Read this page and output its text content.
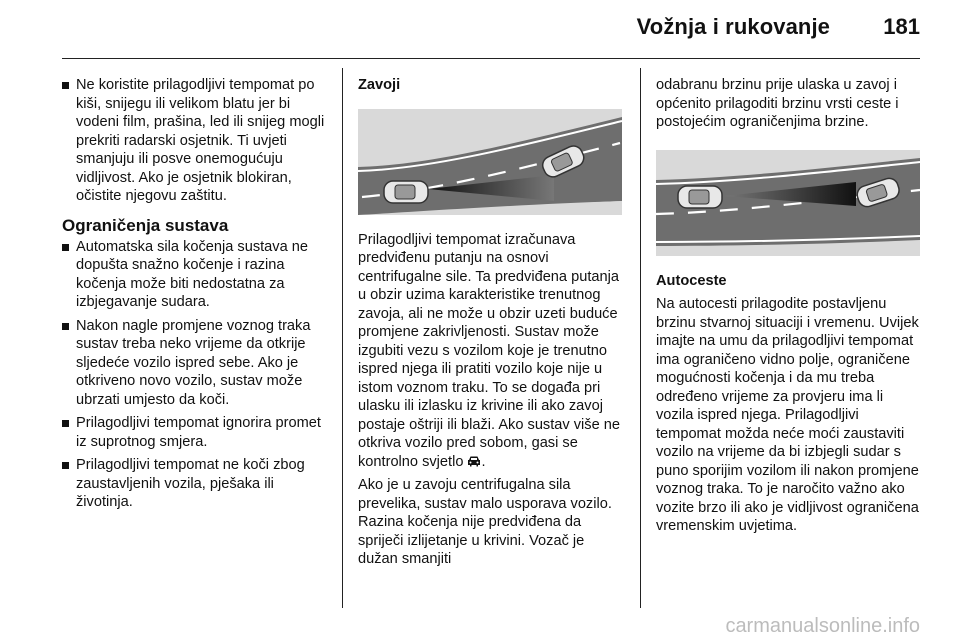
Vožnja i rukovanje 181
Ne koristite prilagodljivi tempomat po kiši, snijegu ili velikom blatu jer bi vodeni film, prašina, led ili snijeg mogli prekriti radarski osjetnik. Ti uvjeti smanjuju ili posve onemogućuju vidljivost. Ako je osjetnik blokiran, očistite njegovu zaštitu.
Ograničenja sustava
Automatska sila kočenja sustava ne dopušta snažno kočenje i razina kočenja može biti nedostatna za izbjegavanje sudara.
Nakon nagle promjene voznog traka sustav treba neko vrijeme da otkrije sljedeće vozilo ispred sebe. Ako je otkriveno novo vozilo, sustav može ubrzati umjesto da koči.
Prilagodljivi tempomat ignorira promet iz suprotnog smjera.
Prilagodljivi tempomat ne koči zbog zaustavljenih vozila, pješaka ili životinja.

Zavoji

Prilagodljivi tempomat izračunava predviđenu putanju na osnovi centrifugalne sile. Ta predviđena putanja u obzir uzima karakteristike trenutnog zavoja, ali ne može u obzir uzeti buduće promjene zakrivljenosti. Sustav može izgubiti vezu s vozilom koje je trenutno ispred njega ili pratiti vozilo koje nije u istom voznom traku. To se događa pri ulasku ili izlasku iz krivine ili ako zavoj postaje oštriji ili blaži. Ako sustav više ne otkriva vozilo pred sobom, gasi se kontrolno svjetlo .

Ako je u zavoju centrifugalna sila prevelika, sustav malo usporava vozilo. Razina kočenja nije predviđena da spriječi izlijetanje u krivini. Vozač je dužan smanjiti

odabranu brzinu prije ulaska u zavoj i općenito prilagoditi brzinu vrsti ceste i postojećim ograničenjima brzine.

Autoceste

Na autocesti prilagodite postavljenu brzinu stvarnoj situaciji i vremenu. Uvijek imajte na umu da prilagodljivi tempomat ima ograničeno vidno polje, ograničene mogućnosti kočenja i da mu treba određeno vrijeme za provjeru ima li vozila ispred njega. Prilagodljivi tempomat možda neće moći zaustaviti vozilo na vrijeme da bi izbjegli sudar s puno sporijim vozilom ili nakon promjene voznog traka. To je naročito važno ako vozite brzo ili ako je vidljivost ograničena vremenskim uvjetima.

carmanualsonline.info
